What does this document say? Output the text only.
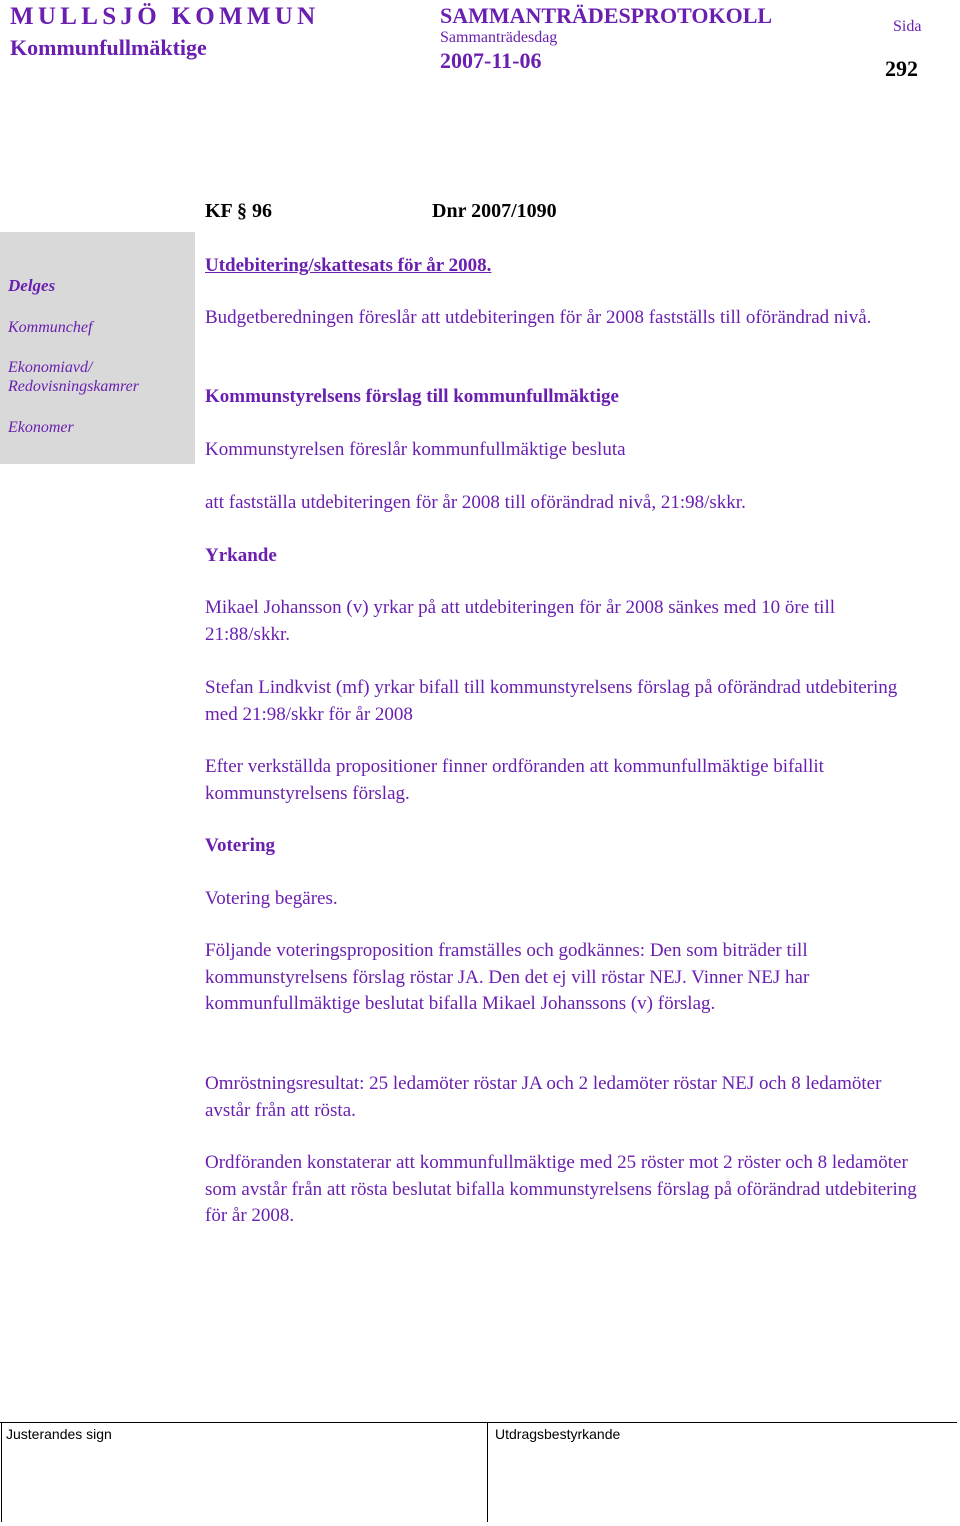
MULLSJÖ KOMMUN
Kommunfullmäktige
SAMMANTRÄDESPROTOKOLL
Sammanträdesdag
2007-11-06
Sida
292
Delges
Kommunchef
Ekonomiavd/ Redovisningskamrer
Ekonomer
KF § 96	Dnr 2007/1090
Utdebitering/skattesats för år 2008.
Budgetberedningen föreslår att utdebiteringen för år 2008 fastställs till oförändrad nivå.
Kommunstyrelsens förslag till kommunfullmäktige
Kommunstyrelsen föreslår kommunfullmäktige besluta
att fastställa utdebiteringen för år 2008 till oförändrad nivå, 21:98/skkr.
Yrkande
Mikael Johansson (v) yrkar på att utdebiteringen för år 2008 sänkes med 10 öre till 21:88/skkr.
Stefan Lindkvist (mf) yrkar bifall till kommunstyrelsens förslag på oförändrad utdebitering med 21:98/skkr för år 2008
Efter verkställda propositioner finner ordföranden att kommunfullmäktige bifallit kommunstyrelsens förslag.
Votering
Votering begäres.
Följande voteringsproposition framställes och godkännes: Den som biträder till kommunstyrelsens förslag röstar JA. Den det ej vill röstar NEJ. Vinner NEJ har kommunfullmäktige beslutat bifalla Mikael Johanssons (v) förslag.
Omröstningsresultat: 25 ledamöter röstar JA och 2 ledamöter röstar NEJ och 8 ledamöter avstår från att rösta.
Ordföranden konstaterar att kommunfullmäktige med 25 röster mot 2 röster och 8 ledamöter som avstår från att rösta beslutat bifalla kommunstyrelsens förslag på oförändrad utdebitering för år 2008.
Justerandes sign	Utdragsbestyrkande
